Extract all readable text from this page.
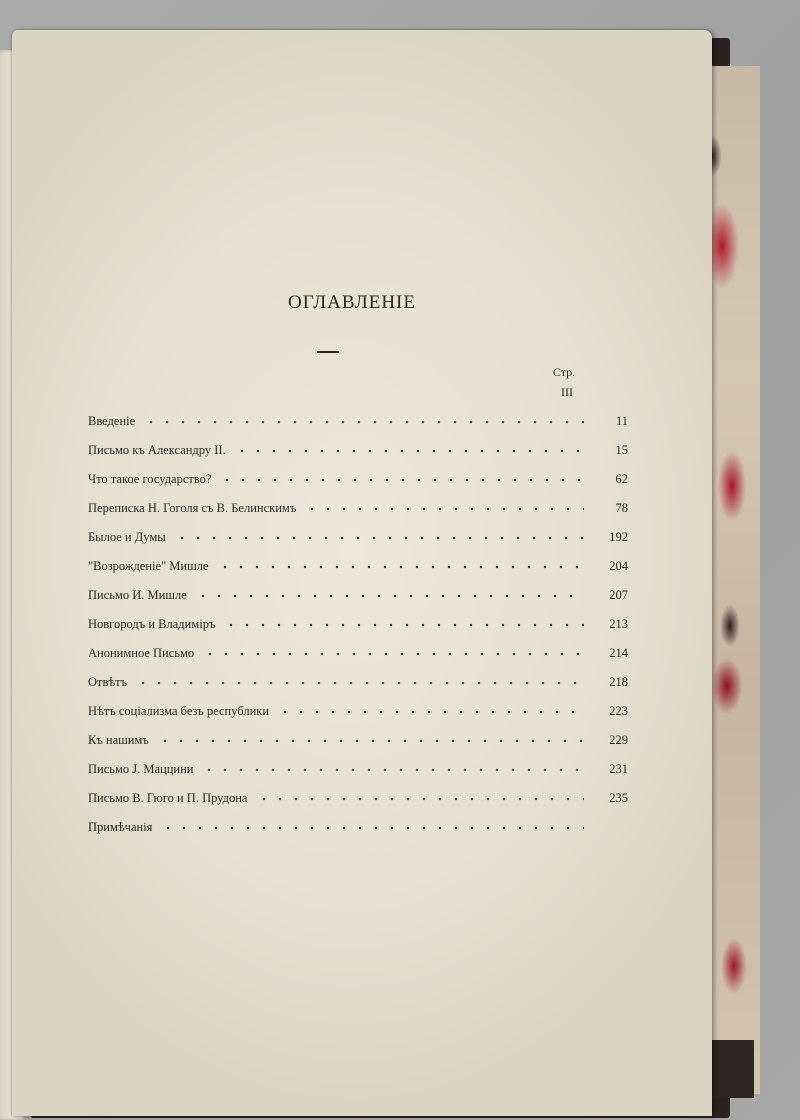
ОГЛАВЛЕНIЕ
Стр.
III
Введенiе	11
Письмо къ Александру II.	15
Что такое государство?	62
Переписка Н. Гоголя съ В. Белинскимъ	78
Былое и Думы	192
"Возрожденiе" Мишле	204
Письмо И. Мишле	207
Новгородъ и Владимiръ	213
Анонимное Письмо	214
Отвѣтъ	218
Нѣтъ соцiализма безъ республики	223
Къ нашимъ	229
Письмо J. Маццини	231
Письмо В. Гюго и П. Прудона	235
Примѣчанiя
